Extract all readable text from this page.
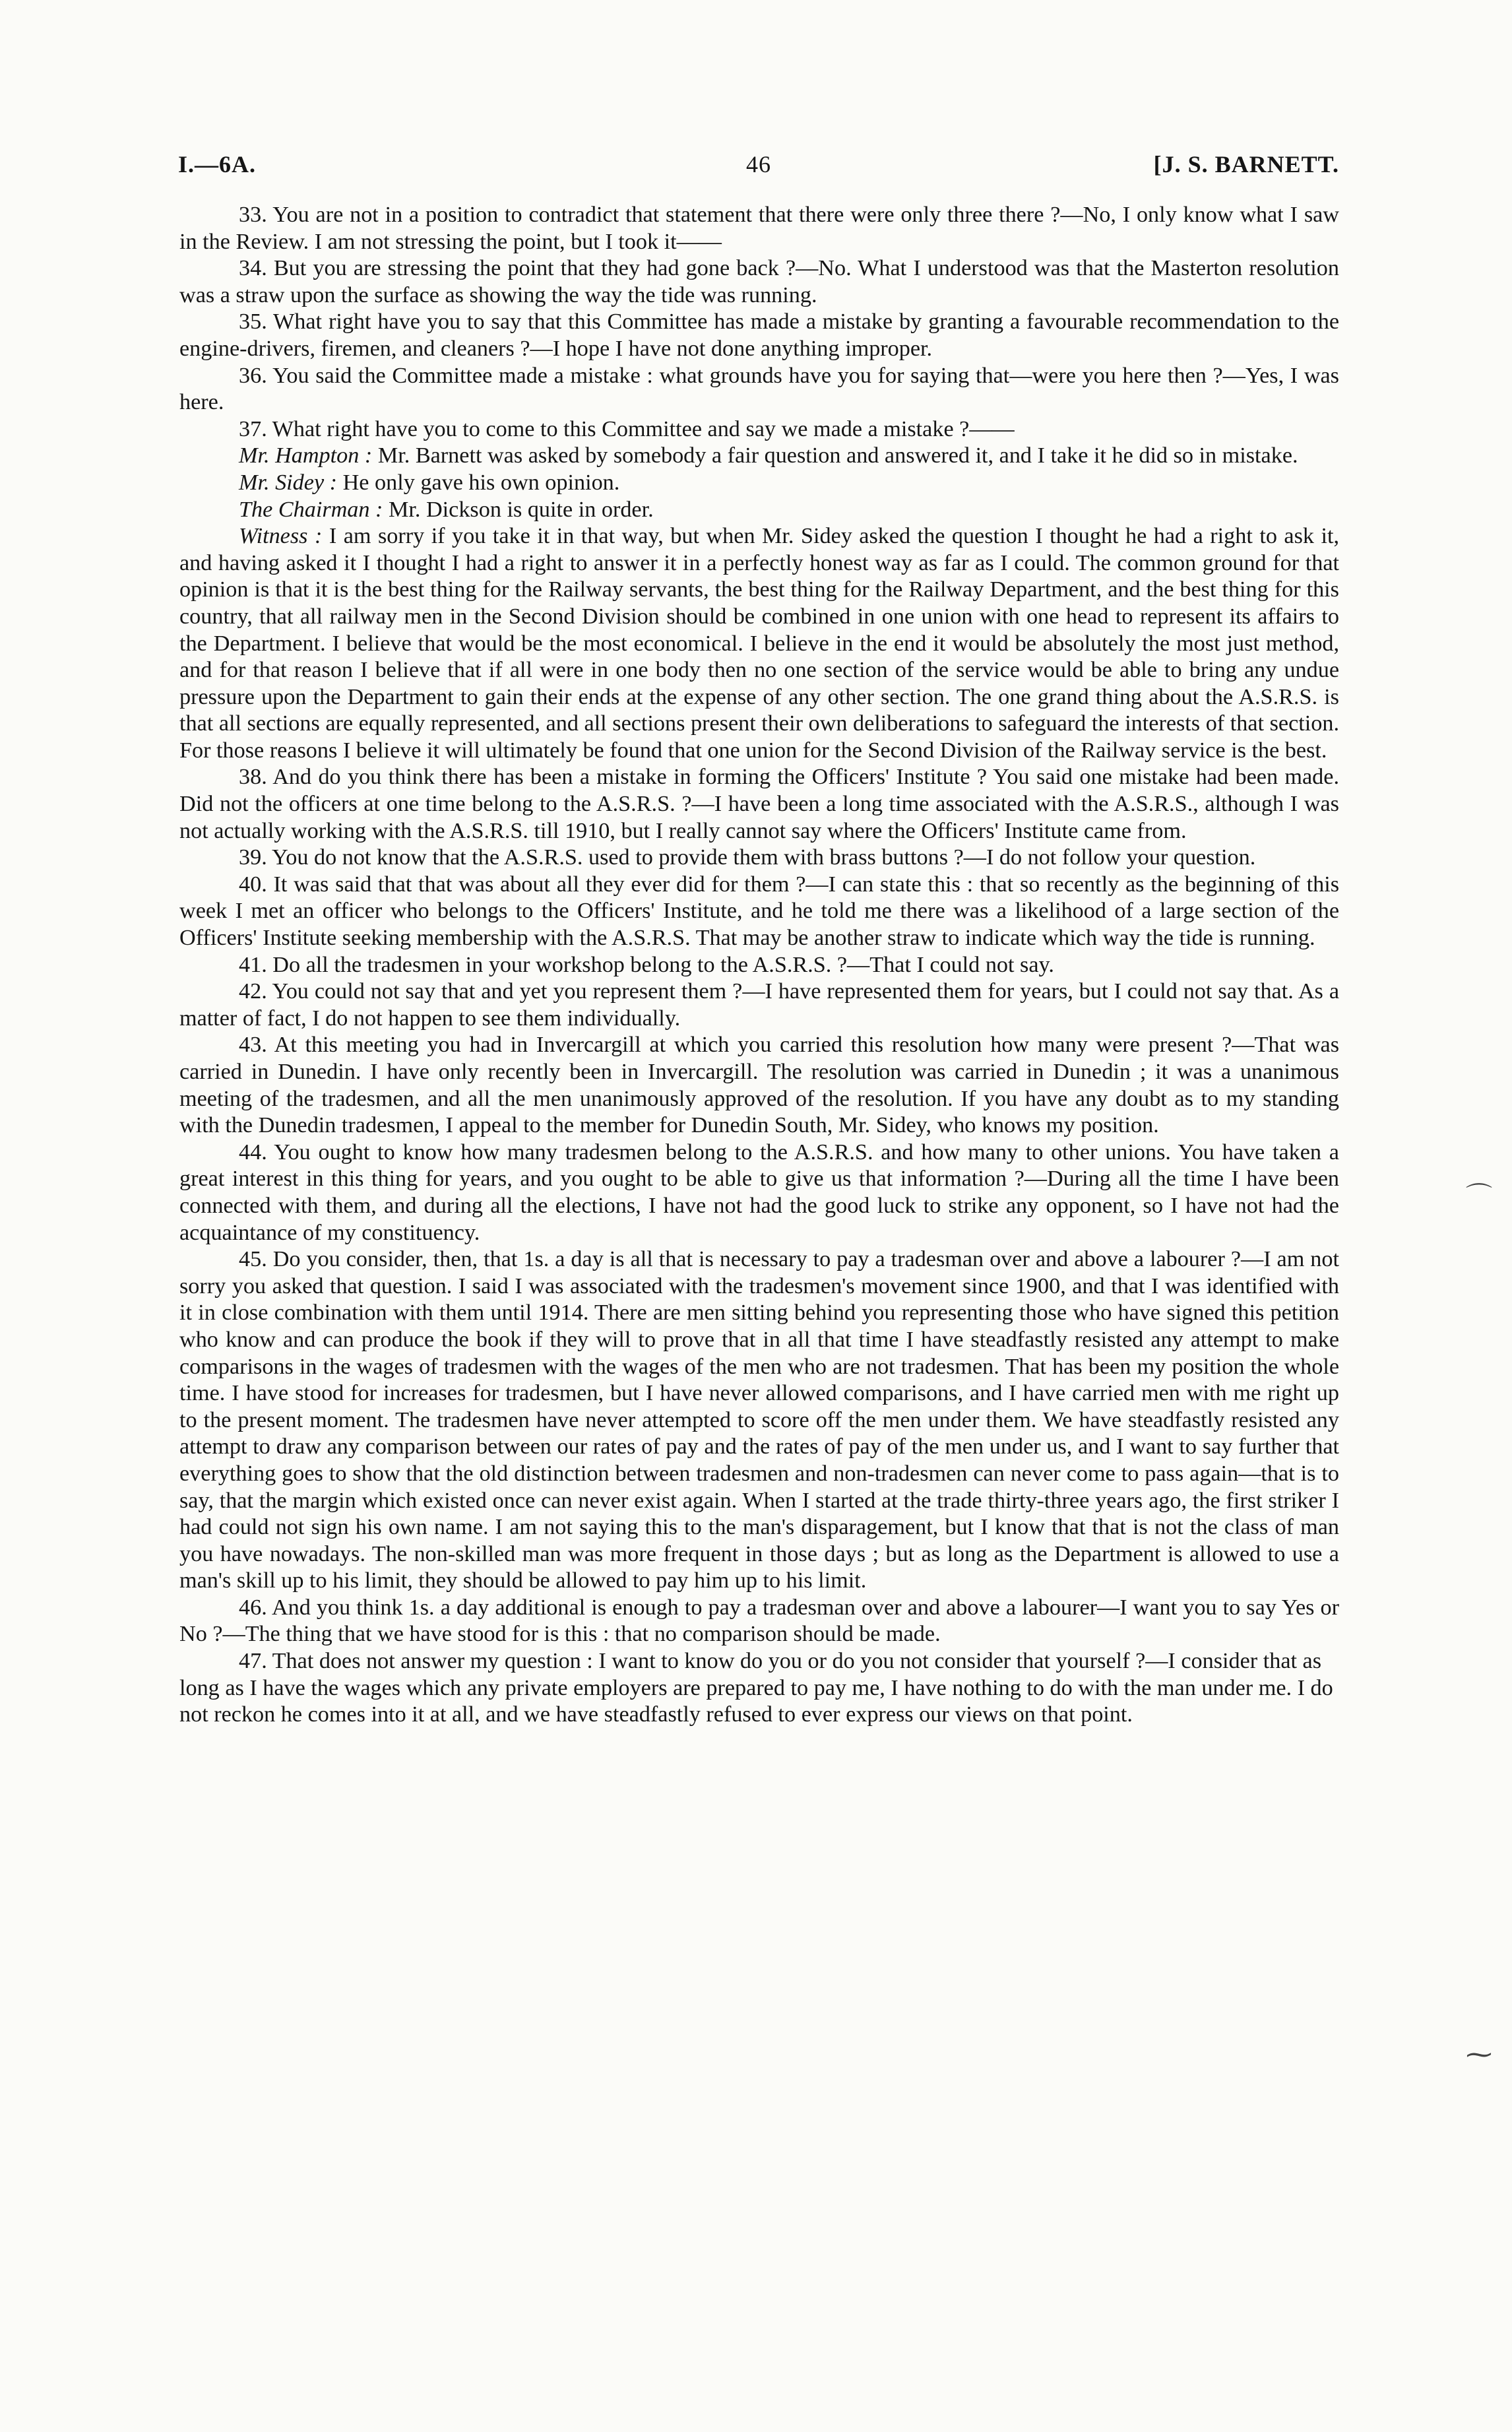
I.—6A.	46	[J. S. BARNETT.

33. You are not in a position to contradict that statement that there were only three there ?—No, I only know what I saw in the Review. I am not stressing the point, but I took it——

34. But you are stressing the point that they had gone back ?—No. What I understood was that the Masterton resolution was a straw upon the surface as showing the way the tide was running.

35. What right have you to say that this Committee has made a mistake by granting a favourable recommendation to the engine-drivers, firemen, and cleaners ?—I hope I have not done anything improper.

36. You said the Committee made a mistake : what grounds have you for saying that—were you here then ?—Yes, I was here.

37. What right have you to come to this Committee and say we made a mistake ?——

Mr. Hampton : Mr. Barnett was asked by somebody a fair question and answered it, and I take it he did so in mistake.

Mr. Sidey : He only gave his own opinion.

The Chairman : Mr. Dickson is quite in order.

Witness : I am sorry if you take it in that way, but when Mr. Sidey asked the question I thought he had a right to ask it, and having asked it I thought I had a right to answer it in a perfectly honest way as far as I could. The common ground for that opinion is that it is the best thing for the Railway servants, the best thing for the Railway Department, and the best thing for this country, that all railway men in the Second Division should be combined in one union with one head to represent its affairs to the Department. I believe that would be the most economical. I believe in the end it would be absolutely the most just method, and for that reason I believe that if all were in one body then no one section of the service would be able to bring any undue pressure upon the Department to gain their ends at the expense of any other section. The one grand thing about the A.S.R.S. is that all sections are equally represented, and all sections present their own deliberations to safeguard the interests of that section. For those reasons I believe it will ultimately be found that one union for the Second Division of the Railway service is the best.

38. And do you think there has been a mistake in forming the Officers' Institute ? You said one mistake had been made. Did not the officers at one time belong to the A.S.R.S. ?—I have been a long time associated with the A.S.R.S., although I was not actually working with the A.S.R.S. till 1910, but I really cannot say where the Officers' Institute came from.

39. You do not know that the A.S.R.S. used to provide them with brass buttons ?—I do not follow your question.

40. It was said that that was about all they ever did for them ?—I can state this : that so recently as the beginning of this week I met an officer who belongs to the Officers' Institute, and he told me there was a likelihood of a large section of the Officers' Institute seeking membership with the A.S.R.S. That may be another straw to indicate which way the tide is running.

41. Do all the tradesmen in your workshop belong to the A.S.R.S. ?—That I could not say.

42. You could not say that and yet you represent them ?—I have represented them for years, but I could not say that. As a matter of fact, I do not happen to see them individually.

43. At this meeting you had in Invercargill at which you carried this resolution how many were present ?—That was carried in Dunedin. I have only recently been in Invercargill. The resolution was carried in Dunedin ; it was a unanimous meeting of the tradesmen, and all the men unanimously approved of the resolution. If you have any doubt as to my standing with the Dunedin tradesmen, I appeal to the member for Dunedin South, Mr. Sidey, who knows my position.

44. You ought to know how many tradesmen belong to the A.S.R.S. and how many to other unions. You have taken a great interest in this thing for years, and you ought to be able to give us that information ?—During all the time I have been connected with them, and during all the elections, I have not had the good luck to strike any opponent, so I have not had the acquaintance of my constituency.

45. Do you consider, then, that 1s. a day is all that is necessary to pay a tradesman over and above a labourer ?—I am not sorry you asked that question. I said I was associated with the tradesmen's movement since 1900, and that I was identified with it in close combination with them until 1914. There are men sitting behind you representing those who have signed this petition who know and can produce the book if they will to prove that in all that time I have steadfastly resisted any attempt to make comparisons in the wages of tradesmen with the wages of the men who are not tradesmen. That has been my position the whole time. I have stood for increases for tradesmen, but I have never allowed comparisons, and I have carried men with me right up to the present moment. The tradesmen have never attempted to score off the men under them. We have steadfastly resisted any attempt to draw any comparison between our rates of pay and the rates of pay of the men under us, and I want to say further that everything goes to show that the old distinction between tradesmen and non-tradesmen can never come to pass again—that is to say, that the margin which existed once can never exist again. When I started at the trade thirty-three years ago, the first striker I had could not sign his own name. I am not saying this to the man's disparagement, but I know that that is not the class of man you have nowadays. The non-skilled man was more frequent in those days ; but as long as the Department is allowed to use a man's skill up to his limit, they should be allowed to pay him up to his limit.

46. And you think 1s. a day additional is enough to pay a tradesman over and above a labourer—I want you to say Yes or No ?—The thing that we have stood for is this : that no comparison should be made.

47. That does not answer my question : I want to know do you or do you not consider that yourself ?—I consider that as long as I have the wages which any private employers are prepared to pay me, I have nothing to do with the man under me. I do not reckon he comes into it at all, and we have steadfastly refused to ever express our views on that point.

⌒
⁓
